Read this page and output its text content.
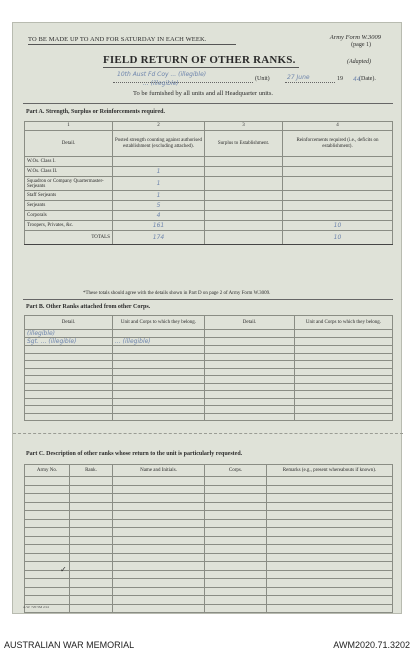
TO BE MADE UP TO AND FOR SATURDAY IN EACH WEEK.	Army Form W.3009
(page 1)
FIELD RETURN OF OTHER RANKS.	(Adapted)
(Unit)	19	(Date).
10th Aust Fd Coy ... (illegible)
... (illegible)
27 June	44
To be furnished by all units and all Headquarter units.
Part A. Strength, Surplus or Reinforcements required.
1	2	3	4
Detail.	Posted strength counting against authorised establishment (excluding attached).	Surplus to Establishment.	Reinforcements required (i.e., deficits on establishment).
W.Os. Class I.			
W.Os. Class II.	1		
Squadron or Company Quartermaster-Serjeants	1		
Staff Serjeants	1		
Serjeants	5		
Corporals	4		
Troopers, Privates, &c.	161		10
TOTALS	174		10
*These totals should agree with the details shown in Part D on page 2 of Army Form W.3009.
Part B. Other Ranks attached from other Corps.
Detail.	Unit and Corps to which they belong.	Detail.	Unit and Corps to which they belong.
(illegible)			
Sgt. ... (illegible)	... (illegible)		

Part C. Description of other ranks whose return to the unit is particularly requested.
Army No.	Rank.	Name and Initials.	Corps.	Remarks (e.g., present whereabouts if known).

✓
A.W. 720 5M 2/41
AUSTRALIAN WAR MEMORIAL	AWM2020.71.3202
